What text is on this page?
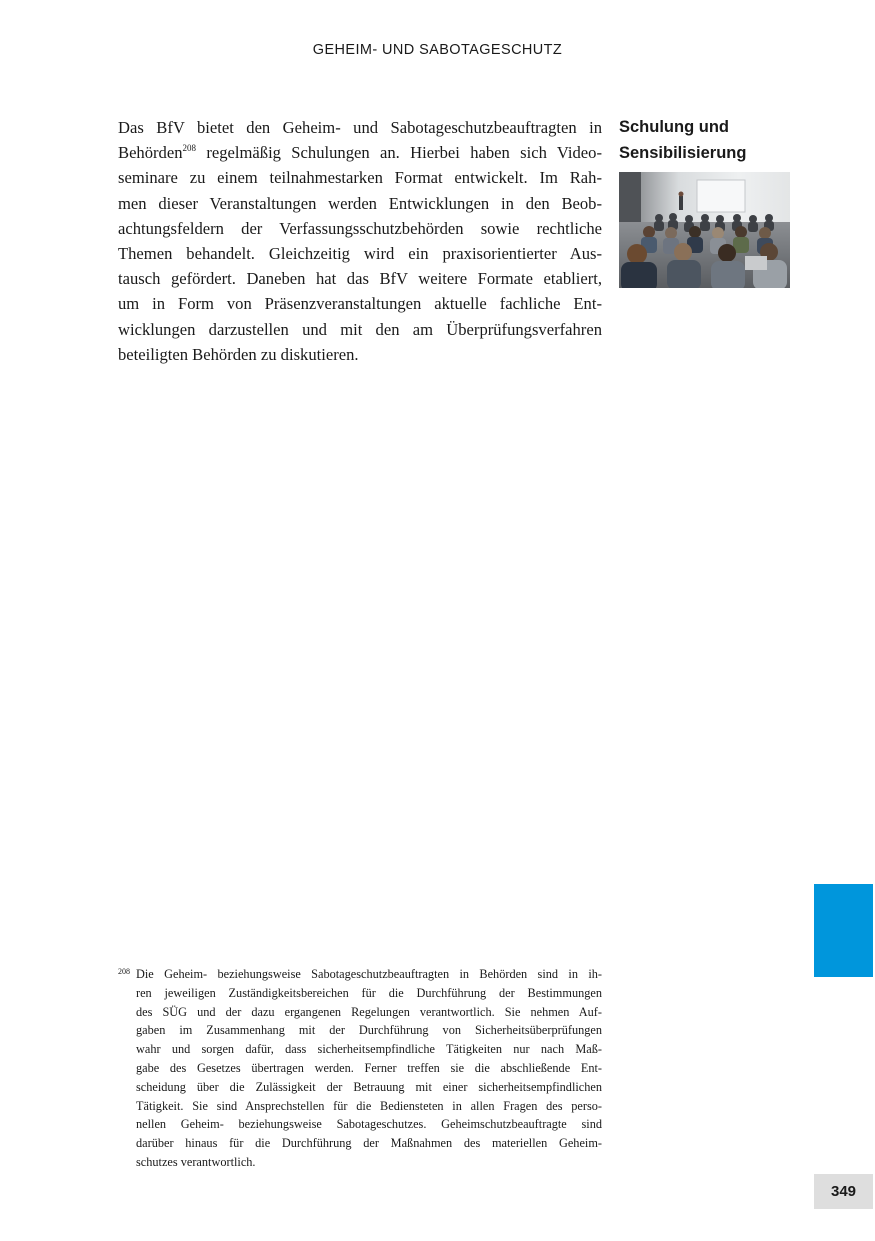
GEHEIM- UND SABOTAGESCHUTZ
Das BfV bietet den Geheim- und Sabotageschutzbeauftragten in
Behörden$^{208}$ regelmäßig Schulungen an. Hierbei haben sich Video-
seminare zu einem teilnahmestarken Format entwickelt. Im Rah-
men dieser Veranstaltungen werden Entwicklungen in den Beob-
achtungsfeldern der Verfassungsschutzbehörden sowie rechtliche
Themen behandelt. Gleichzeitig wird ein praxisorientierter Aus-
tausch gefördert. Daneben hat das BfV weitere Formate etabliert,
um in Form von Präsenzveranstaltungen aktuelle fachliche Ent-
wicklungen darzustellen und mit den am Überprüfungsverfahren
beteiligten Behörden zu diskutieren.
Schulung und
Sensibilisierung
208 Die Geheim- beziehungsweise Sabotageschutzbeauftragten in Behörden sind in ih-
ren jeweiligen Zuständigkeitsbereichen für die Durchführung der Bestimmungen
des SÜG und der dazu ergangenen Regelungen verantwortlich. Sie nehmen Auf-
gaben im Zusammenhang mit der Durchführung von Sicherheitsüberprüfungen
wahr und sorgen dafür, dass sicherheitsempfindliche Tätigkeiten nur nach Maß-
gabe des Gesetzes übertragen werden. Ferner treffen sie die abschließende Ent-
scheidung über die Zulässigkeit der Betrauung mit einer sicherheitsempfindlichen
Tätigkeit. Sie sind Ansprechstellen für die Bediensteten in allen Fragen des perso-
nellen Geheim- beziehungsweise Sabotageschutzes. Geheimschutzbeauftragte sind
darüber hinaus für die Durchführung der Maßnahmen des materiellen Geheim-
schutzes verantwortlich.
349
